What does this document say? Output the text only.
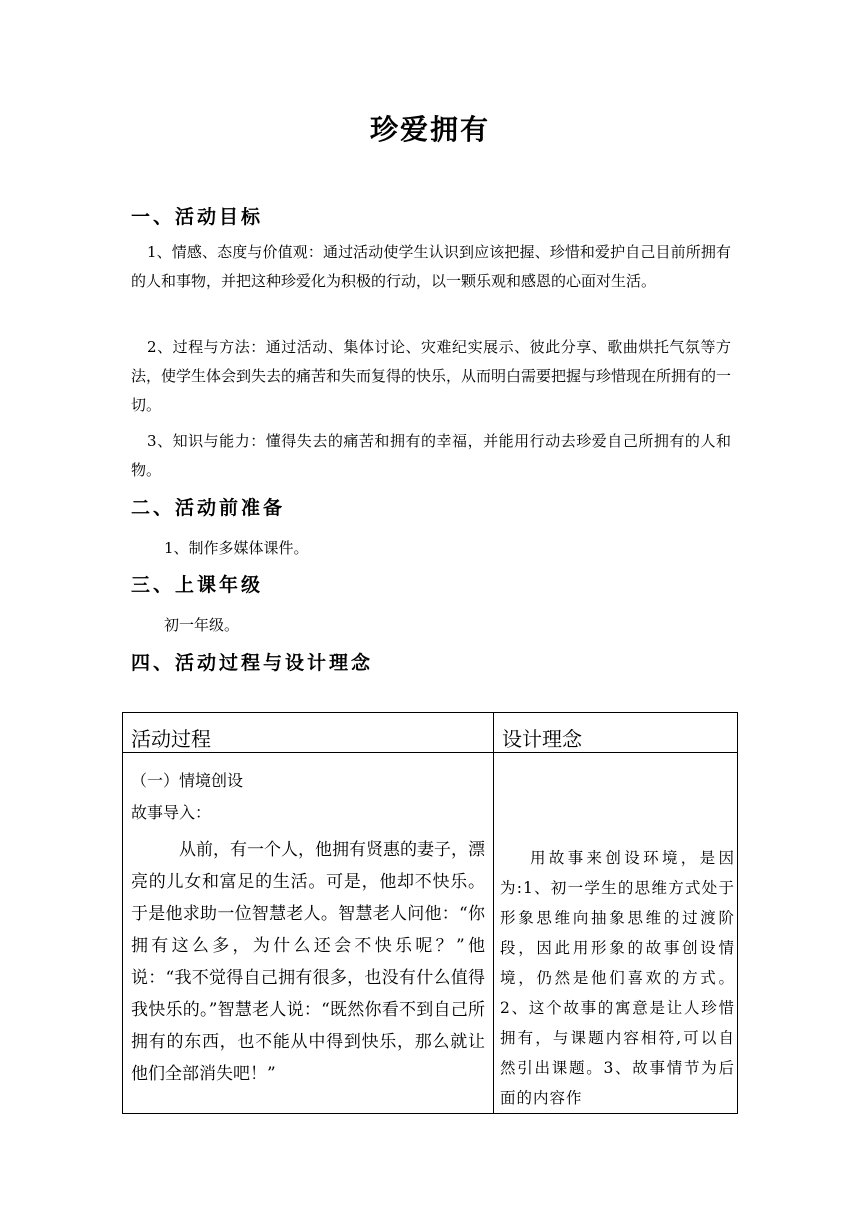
珍爱拥有
一、活动目标

1、情感、态度与价值观：通过活动使学生认识到应该把握、珍惜和爱护自己目前所拥有的人和事物，并把这种珍爱化为积极的行动，以一颗乐观和感恩的心面对生活。

2、过程与方法：通过活动、集体讨论、灾难纪实展示、彼此分享、歌曲烘托气氛等方法，使学生体会到失去的痛苦和失而复得的快乐，从而明白需要把握与珍惜现在所拥有的一切。

3、知识与能力：懂得失去的痛苦和拥有的幸福，并能用行动去珍爱自己所拥有的人和物。

二、活动前准备

1、制作多媒体课件。

三、上课年级

初一年级。

四、活动过程与设计理念
活动过程	设计理念

（一）情境创设

故事导入：

从前，有一个人，他拥有贤惠的妻子，漂亮的儿女和富足的生活。可是，他却不快乐。于是他求助一位智慧老人。智慧老人问他：“你拥有这么多，为什么还会不快乐呢？”他说：“我不觉得自己拥有很多，也没有什么值得我快乐的。”智慧老人说：“既然你看不到自己所拥有的东西，也不能从中得到快乐，那么就让他们全部消失吧！”	用故事来创设环境，是因为:1、初一学生的思维方式处于形象思维向抽象思维的过渡阶段，因此用形象的故事创设情境，仍然是他们喜欢的方式。2、这个故事的寓意是让人珍惜拥有，与课题内容相符,可以自然引出课题。3、故事情节为后面的内容作
